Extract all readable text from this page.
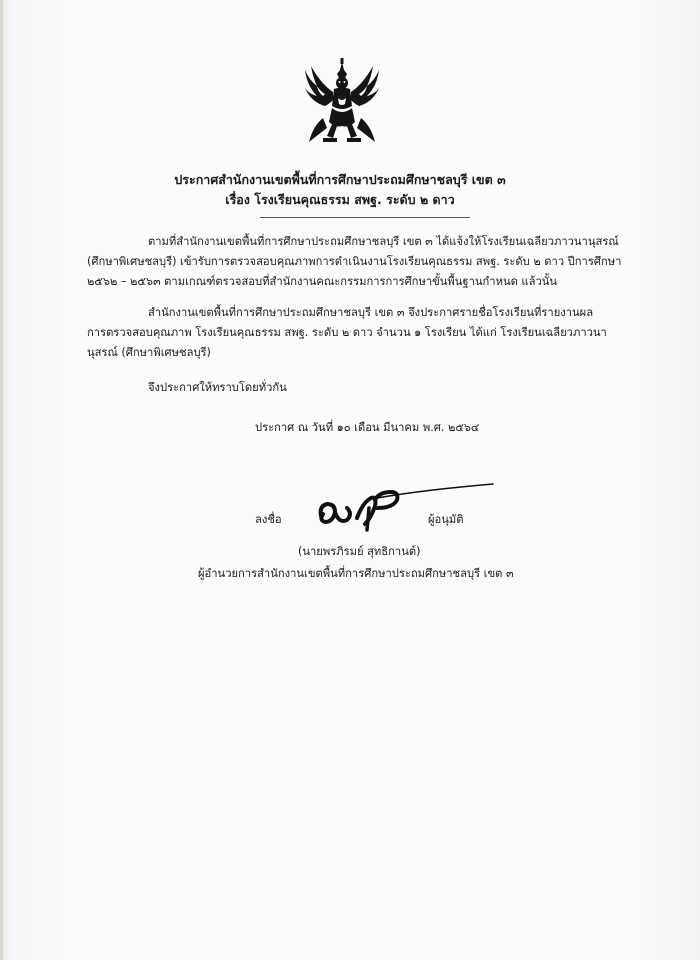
ประกาศสำนักงานเขตพื้นที่การศึกษาประถมศึกษาชลบุรี เขต ๓
เรื่อง โรงเรียนคุณธรรม สพฐ. ระดับ ๒ ดาว
ตามที่สำนักงานเขตพื้นที่การศึกษาประถมศึกษาชลบุรี เขต ๓ ได้แจ้งให้โรงเรียนเฉลียวภาวนานุสรณ์
(ศึกษาพิเศษชลบุรี) เข้ารับการตรวจสอบคุณภาพการดำเนินงานโรงเรียนคุณธรรม สพฐ. ระดับ ๒ ดาว ปีการศึกษา
๒๕๖๒ – ๒๕๖๓ ตามเกณฑ์ตรวจสอบที่สำนักงานคณะกรรมการการศึกษาขั้นพื้นฐานกำหนด แล้วนั้น
สำนักงานเขตพื้นที่การศึกษาประถมศึกษาชลบุรี เขต ๓ จึงประกาศรายชื่อโรงเรียนที่รายงานผล
การตรวจสอบคุณภาพ โรงเรียนคุณธรรม สพฐ. ระดับ ๒ ดาว จำนวน ๑ โรงเรียน ได้แก่ โรงเรียนเฉลียวภาวนา
นุสรณ์ (ศึกษาพิเศษชลบุรี)
จึงประกาศให้ทราบโดยทั่วกัน
ประกาศ ณ วันที่ ๑๐ เดือน มีนาคม พ.ศ. ๒๕๖๔
ลงชื่อ	ผู้อนุมัติ
(นายพรภิรมย์ สุทธิกานต์)
ผู้อำนวยการสำนักงานเขตพื้นที่การศึกษาประถมศึกษาชลบุรี เขต ๓
